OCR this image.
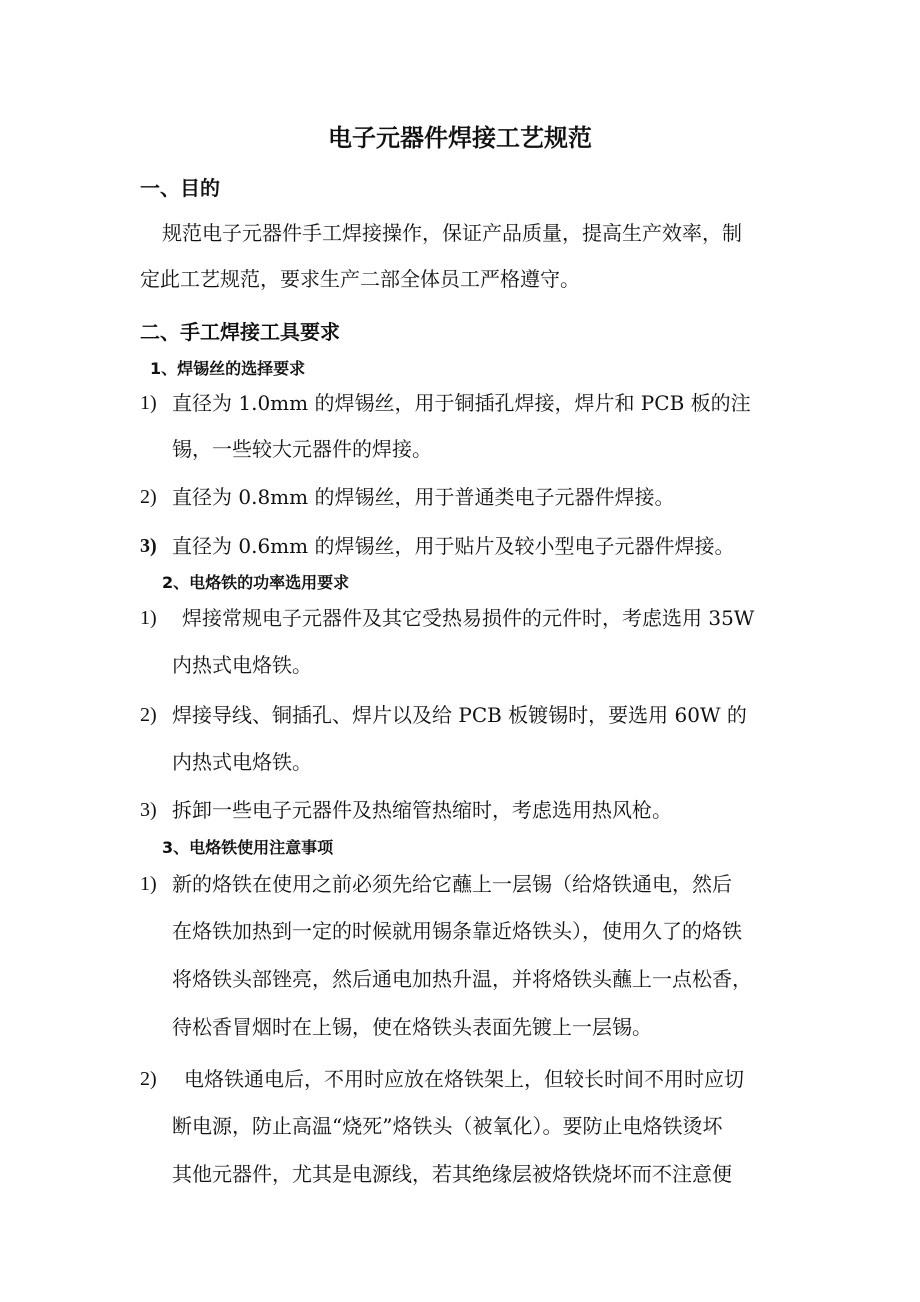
电子元器件焊接工艺规范
一、目的
规范电子元器件手工焊接操作，保证产品质量，提高生产效率，制
定此工艺规范，要求生产二部全体员工严格遵守。
二、手工焊接工具要求
1、焊锡丝的选择要求
1) 直径为 1.0mm 的焊锡丝，用于铜插孔焊接，焊片和 PCB 板的注
锡，一些较大元器件的焊接。
2) 直径为 0.8mm 的焊锡丝，用于普通类电子元器件焊接。
3) 直径为 0.6mm 的焊锡丝，用于贴片及较小型电子元器件焊接。
2、电烙铁的功率选用要求
1) 焊接常规电子元器件及其它受热易损件的元件时，考虑选用 35W
内热式电烙铁。
2) 焊接导线、铜插孔、焊片以及给 PCB 板镀锡时，要选用 60W 的
内热式电烙铁。
3) 拆卸一些电子元器件及热缩管热缩时，考虑选用热风枪。
3、电烙铁使用注意事项
1) 新的烙铁在使用之前必须先给它蘸上一层锡（给烙铁通电，然后
在烙铁加热到一定的时候就用锡条靠近烙铁头），使用久了的烙铁
将烙铁头部锉亮，然后通电加热升温，并将烙铁头蘸上一点松香，
待松香冒烟时在上锡，使在烙铁头表面先镀上一层锡。
2) 电烙铁通电后，不用时应放在烙铁架上，但较长时间不用时应切
断电源，防止高温“烧死”烙铁头（被氧化）。要防止电烙铁烫坏
其他元器件，尤其是电源线，若其绝缘层被烙铁烧坏而不注意便
